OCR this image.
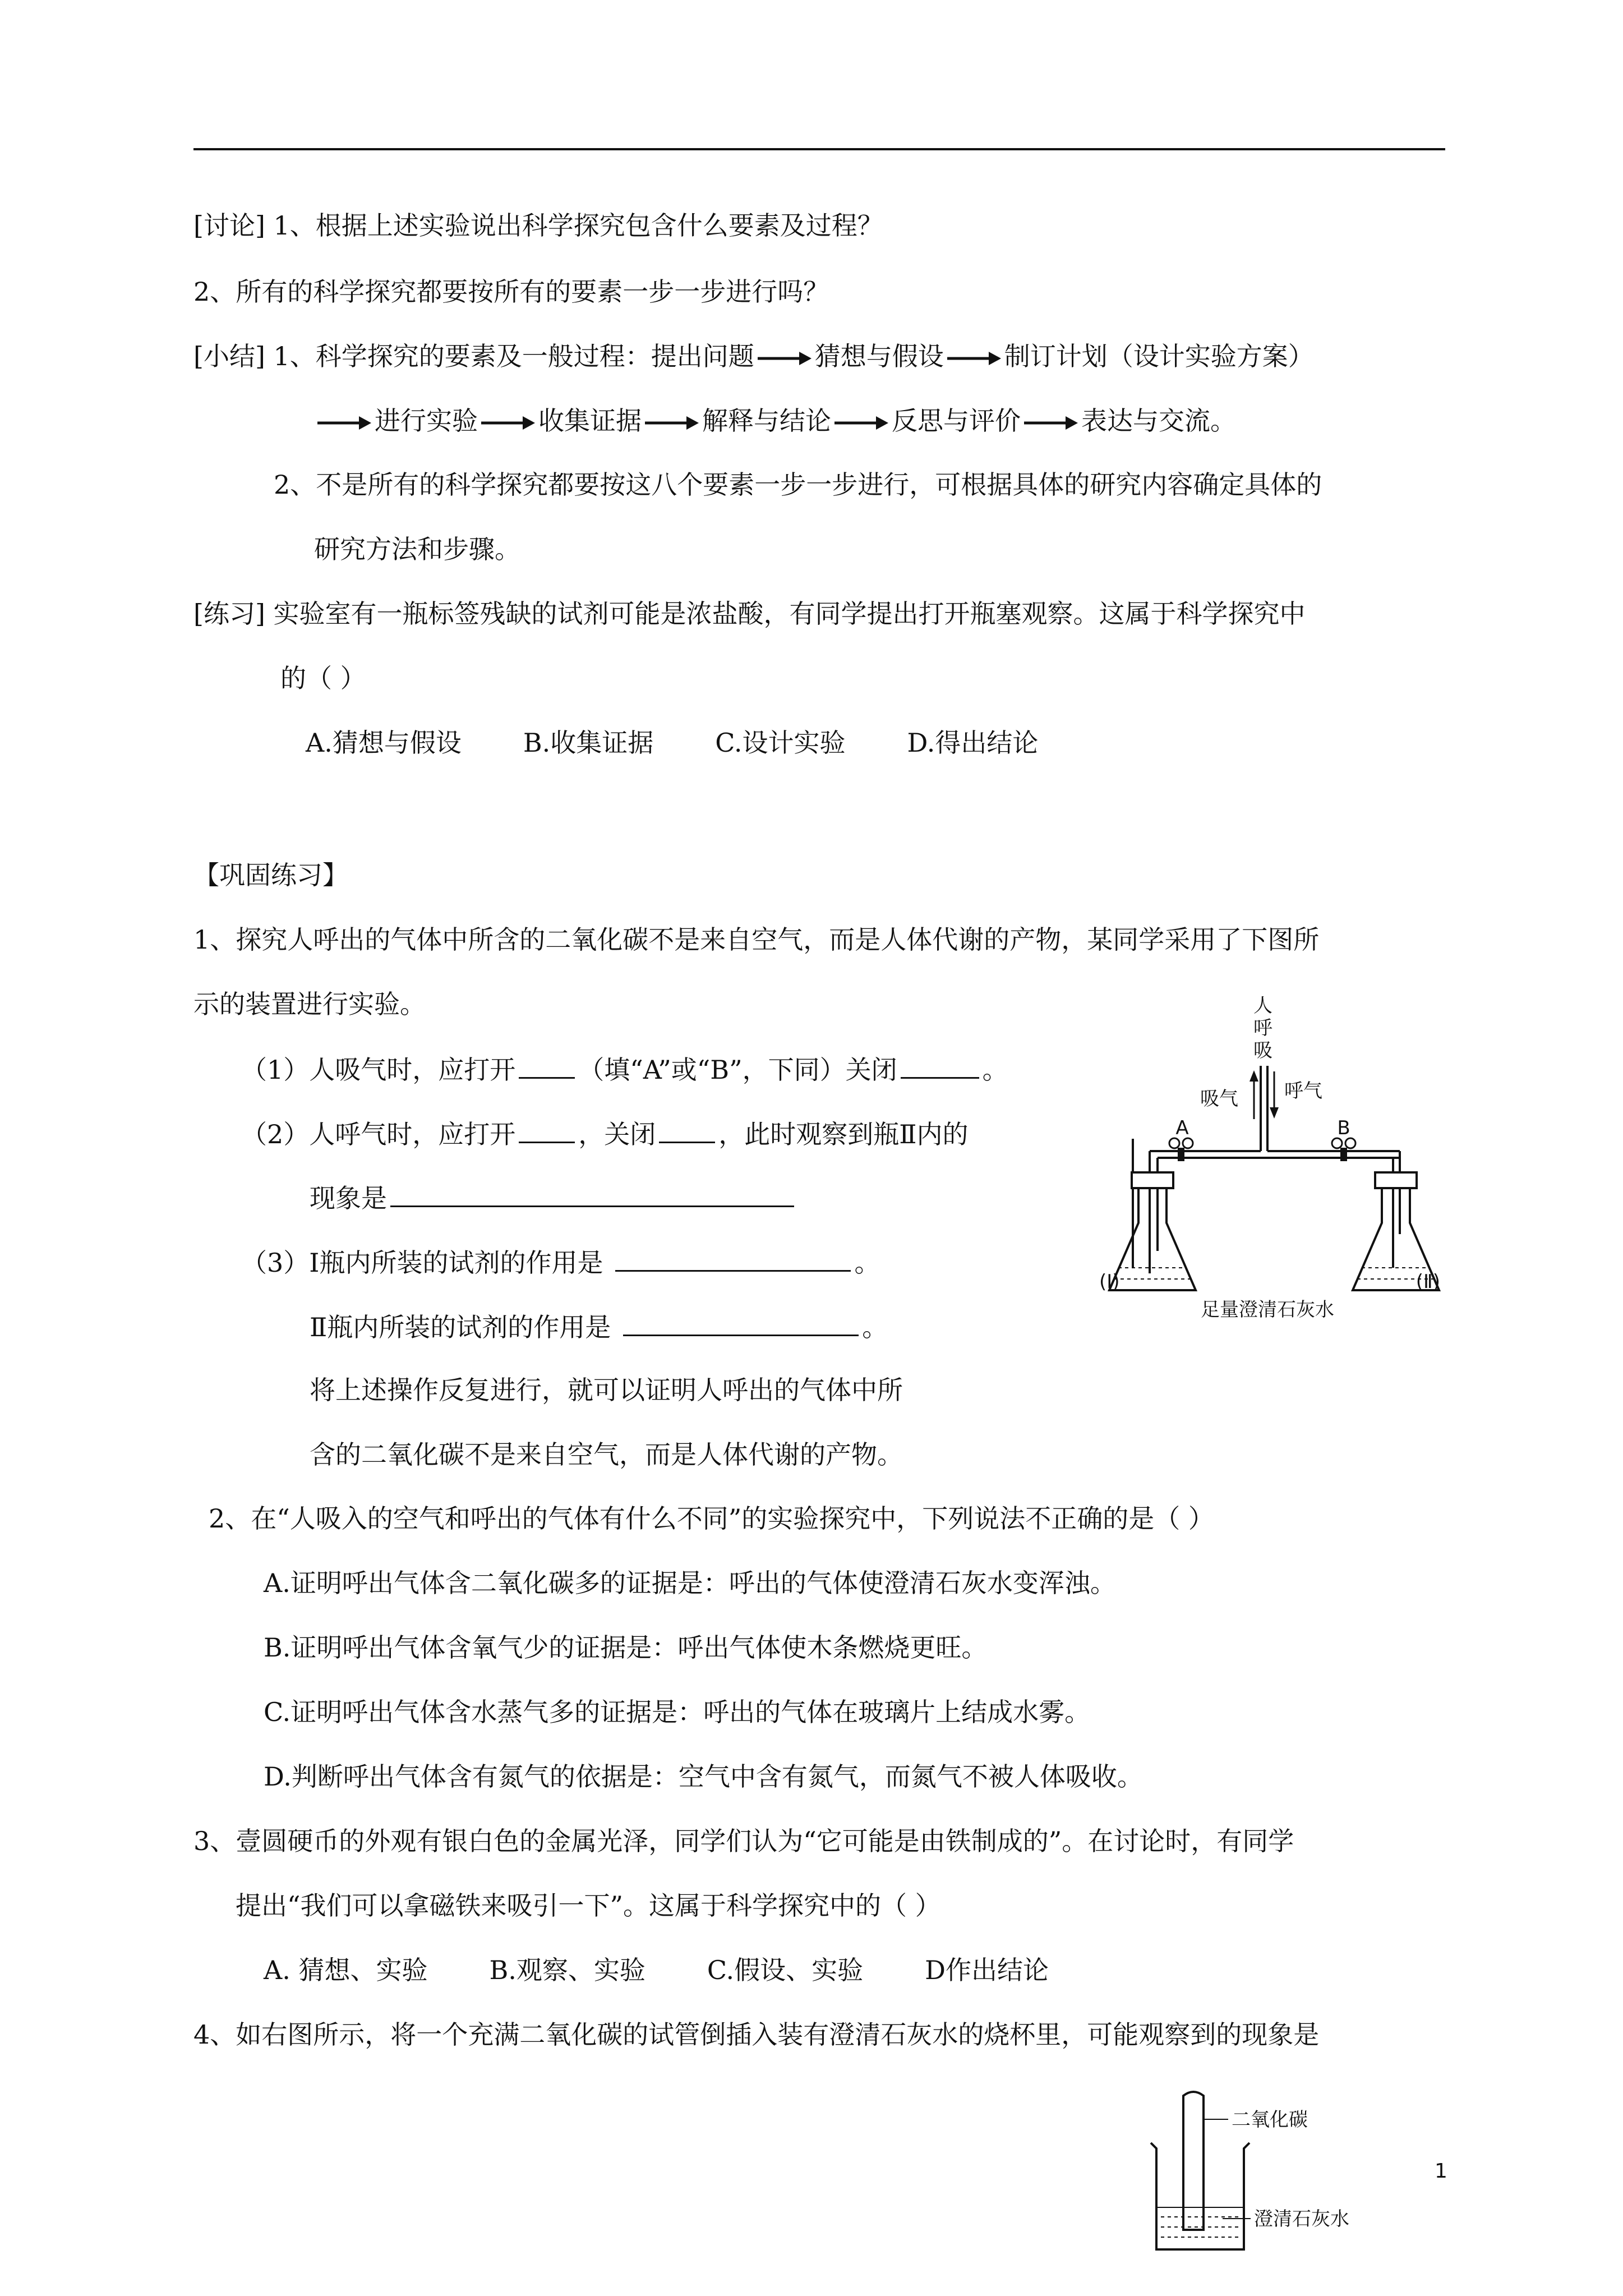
[讨论] 1、根据上述实验说出科学探究包含什么要素及过程？
2、所有的科学探究都要按所有的要素一步一步进行吗？
[小结] 1、科学探究的要素及一般过程：提出问题 猜想与假设 制订计划（设计实验方案）
进行实验 收集证据 解释与结论 反思与评价 表达与交流。
2、不是所有的科学探究都要按这八个要素一步一步进行，可根据具体的研究内容确定具体的
研究方法和步骤。
[练习] 实验室有一瓶标签残缺的试剂可能是浓盐酸，有同学提出打开瓶塞观察。这属于科学探究中
的（ ）
A.猜想与假设 B.收集证据 C.设计实验 D.得出结论
【巩固练习】
1、探究人呼出的气体中所含的二氧化碳不是来自空气，而是人体代谢的产物，某同学采用了下图所
示的装置进行实验。
（1）人吸气时，应打开 （填“A”或“B”，下同）关闭	。
（2）人呼气时，应打开 ，关闭 ，此时观察到瓶Ⅱ内的
现象是
（3）Ⅰ瓶内所装的试剂的作用是	。
Ⅱ瓶内所装的试剂的作用是	。
将上述操作反复进行，就可以证明人呼出的气体中所
含的二氧化碳不是来自空气，而是人体代谢的产物。
人
呼
吸
吸气 呼气
A	B
(Ⅰ)	(Ⅱ)
足量澄清石灰水
2、在“人吸入的空气和呼出的气体有什么不同”的实验探究中，下列说法不正确的是（ ）
A.证明呼出气体含二氧化碳多的证据是：呼出的气体使澄清石灰水变浑浊。
B.证明呼出气体含氧气少的证据是：呼出气体使木条燃烧更旺。
C.证明呼出气体含水蒸气多的证据是：呼出的气体在玻璃片上结成水雾。
D.判断呼出气体含有氮气的依据是：空气中含有氮气，而氮气不被人体吸收。
3、壹圆硬币的外观有银白色的金属光泽，同学们认为“它可能是由铁制成的”。在讨论时，有同学
提出“我们可以拿磁铁来吸引一下”。这属于科学探究中的（ ）
A. 猜想、实验 B.观察、实验 C.假设、实验 D作出结论
4、如右图所示，将一个充满二氧化碳的试管倒插入装有澄清石灰水的烧杯里，可能观察到的现象是
二氧化碳
澄清石灰水
1
